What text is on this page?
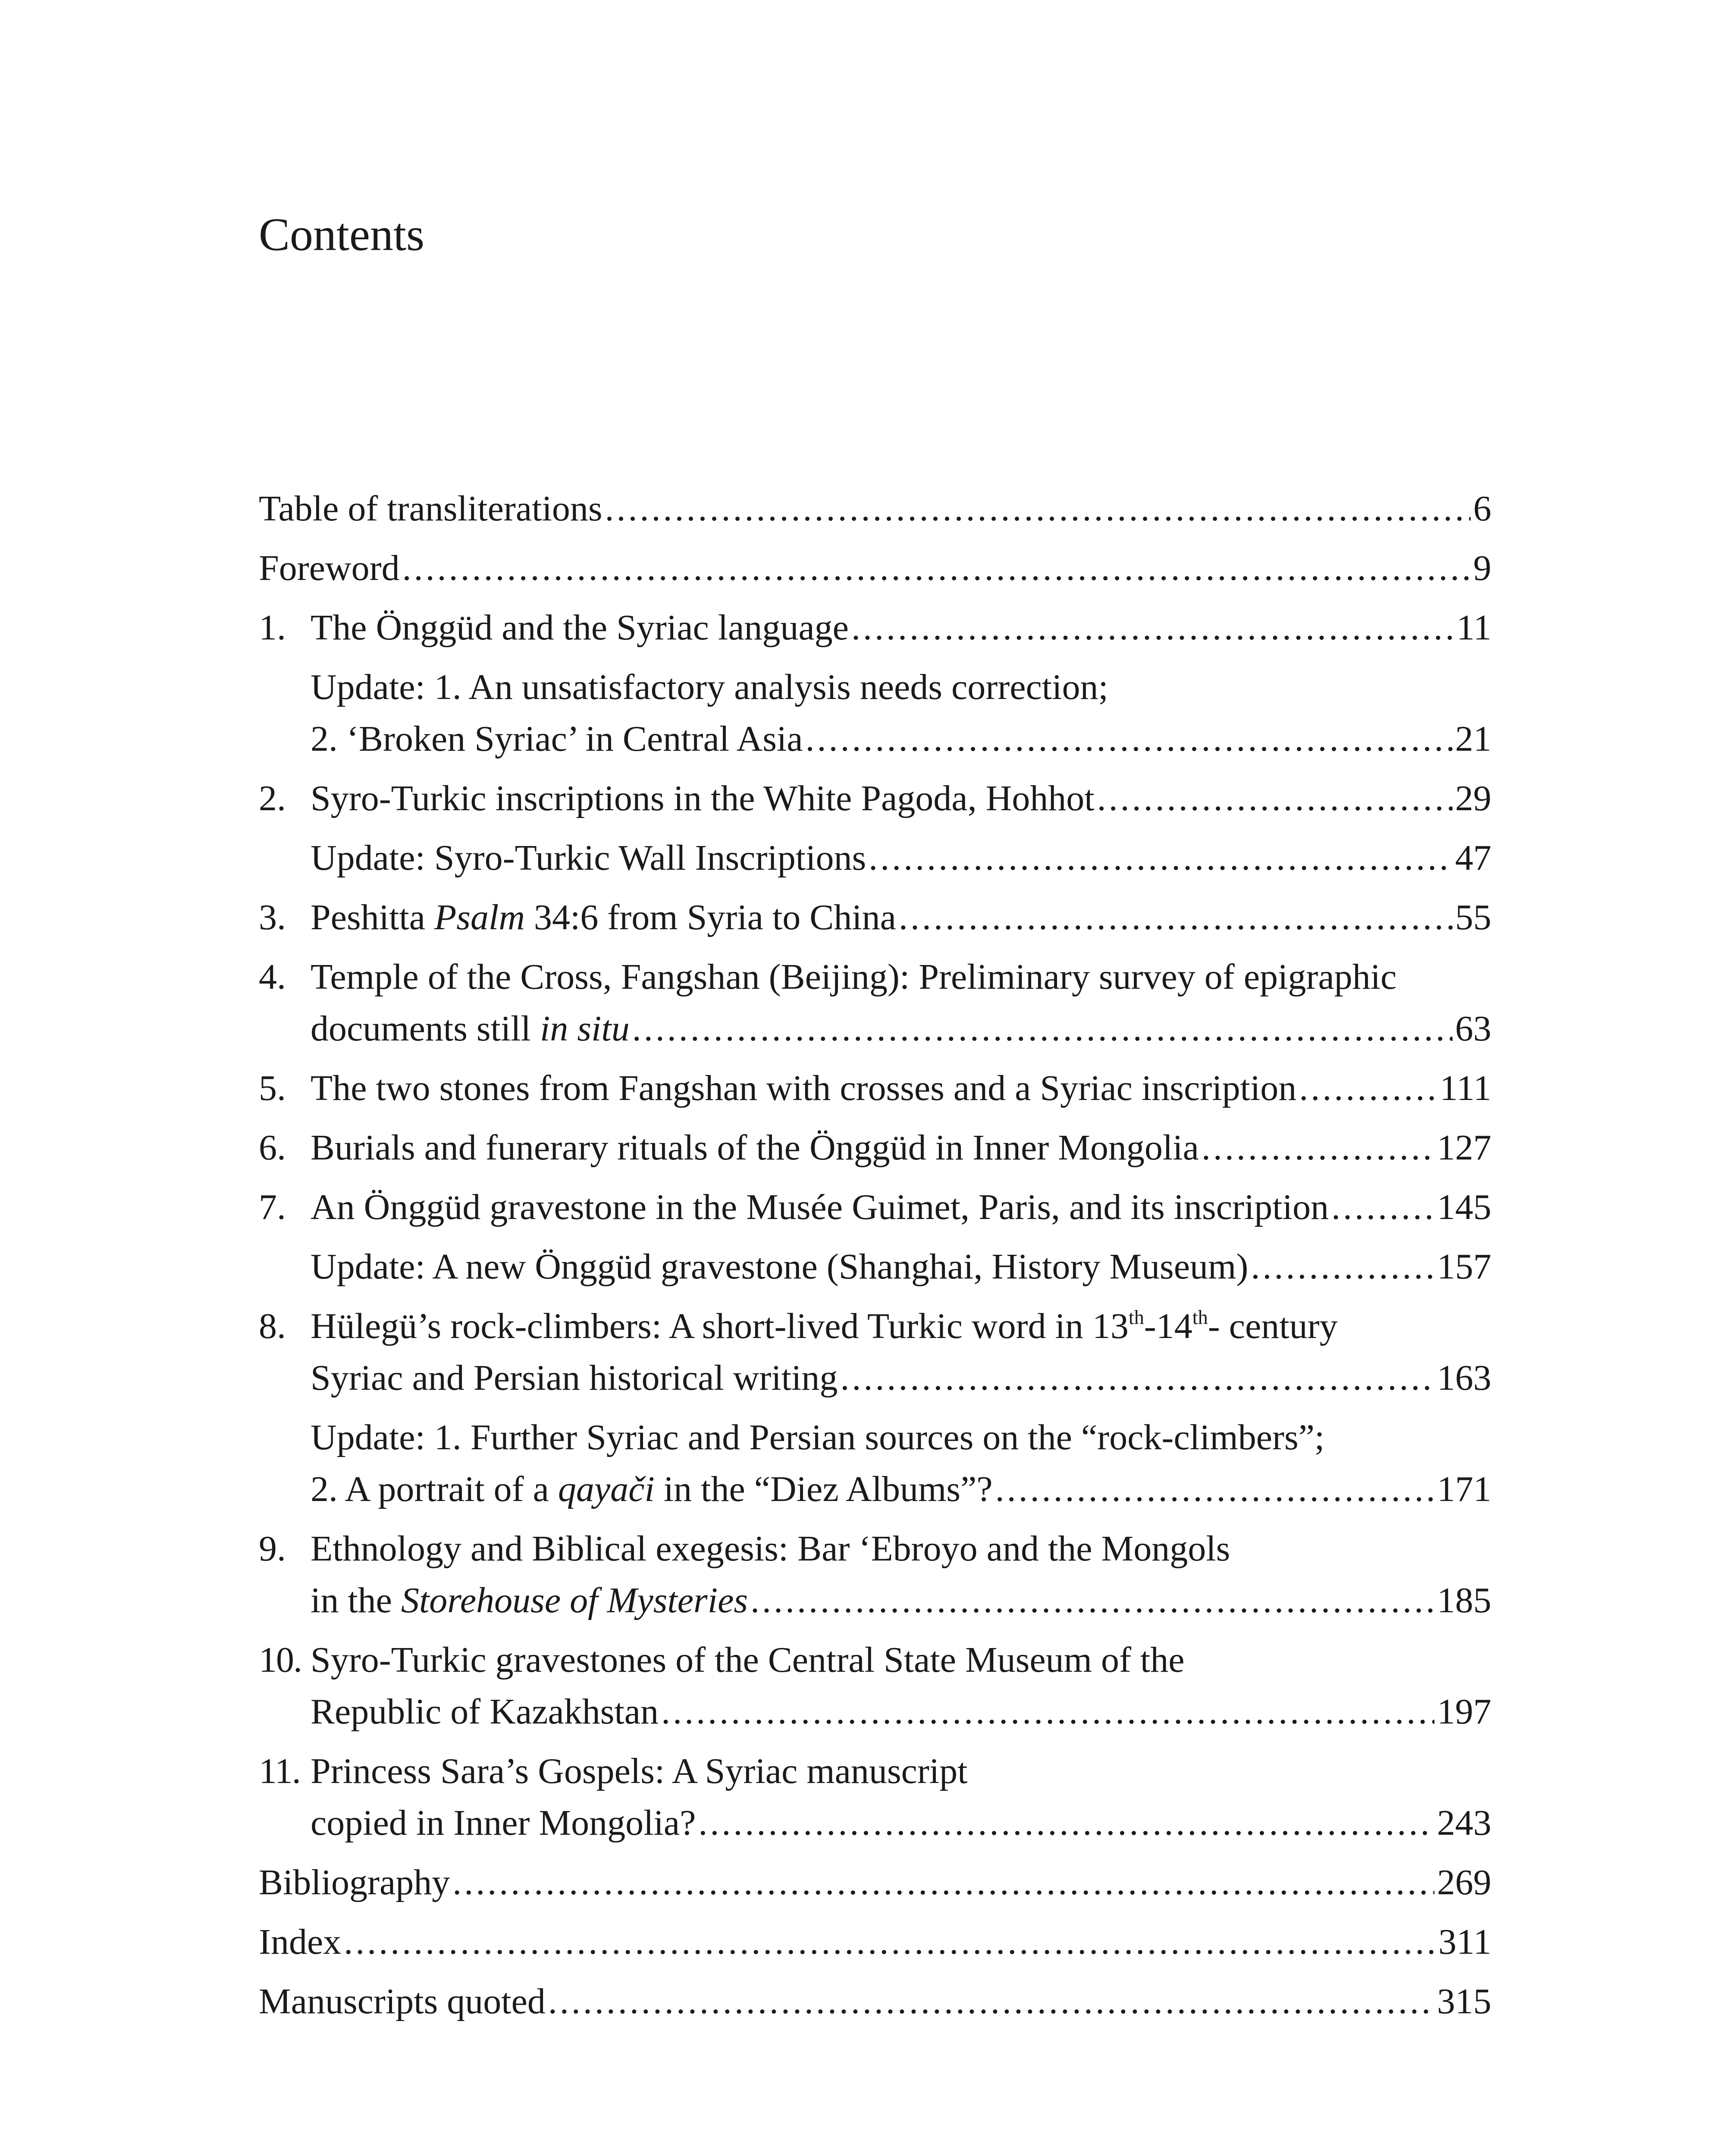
Contents
Table of transliterations .....	6
Foreword .....	9
1. The Önggüd and the Syriac language .....	11
Update: 1. An unsatisfactory analysis needs correction;
2. ‘Broken Syriac’ in Central Asia .....	21
2. Syro-Turkic inscriptions in the White Pagoda, Hohhot .....	29
Update: Syro-Turkic Wall Inscriptions .....	47
3. Peshitta Psalm 34:6 from Syria to China .....	55
4. Temple of the Cross, Fangshan (Beijing): Preliminary survey of epigraphic
documents still in situ .....	63
5. The two stones from Fangshan with crosses and a Syriac inscription .....	111
6. Burials and funerary rituals of the Önggüd in Inner Mongolia .....	127
7. An Önggüd gravestone in the Musée Guimet, Paris, and its inscription .....	145
Update: A new Önggüd gravestone (Shanghai, History Museum) .....	157
8. Hülegü’s rock-climbers: A short-lived Turkic word in 13th-14th- century
Syriac and Persian historical writing .....	163
Update: 1. Further Syriac and Persian sources on the “rock-climbers”;
2. A portrait of a qayači in the “Diez Albums”? .....	171
9. Ethnology and Biblical exegesis: Bar ‘Ebroyo and the Mongols
in the Storehouse of Mysteries .....	185
10. Syro-Turkic gravestones of the Central State Museum of the
Republic of Kazakhstan .....	197
11. Princess Sara’s Gospels: A Syriac manuscript
copied in Inner Mongolia? .....	243
Bibliography .....	269
Index .....	311
Manuscripts quoted .....	315
